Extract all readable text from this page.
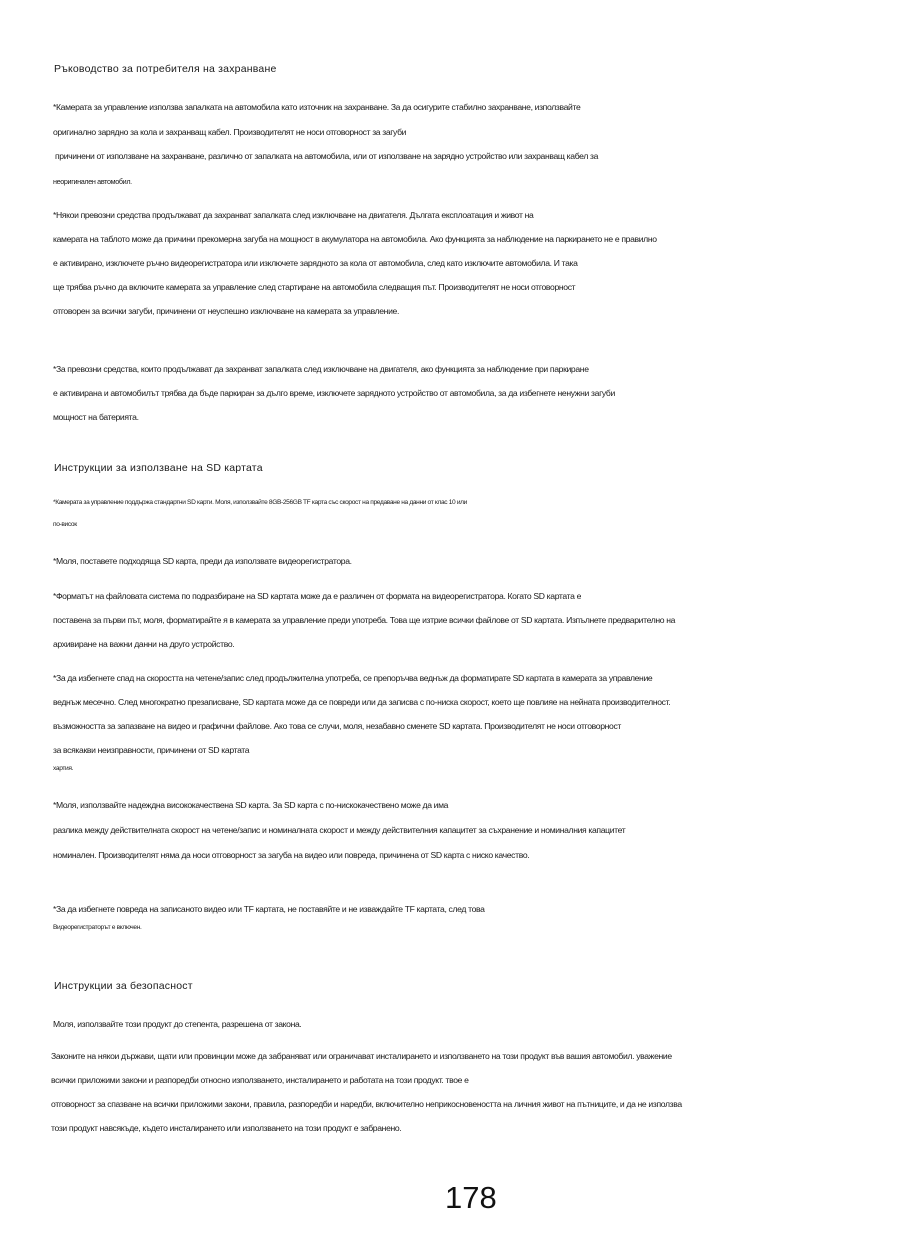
Ръководство за потребителя на захранване
*Камерата за управление използва запалката на автомобила като източник на захранване. За да осигурите стабилно захранване, използвайте
оригинално зарядно за кола и захранващ кабел. Производителят не носи отговорност за загуби
причинени от използване на захранване, различно от запалката на автомобила, или от използване на зарядно устройство или захранващ кабел за
неоригинален автомобил.
*Някои превозни средства продължават да захранват запалката след изключване на двигателя. Дългата експлоатация и живот на
камерата на таблото може да причини прекомерна загуба на мощност в акумулатора на автомобила. Ако функцията за наблюдение на паркирането не е правилно
е активирано, изключете ръчно видеорегистратора или изключете зарядното за кола от автомобила, след като изключите автомобила. И така
ще трябва ръчно да включите камерата за управление след стартиране на автомобила следващия път. Производителят не носи отговорност
отговорен за всички загуби, причинени от неуспешно изключване на камерата за управление.
*За превозни средства, които продължават да захранват запалката след изключване на двигателя, ако функцията за наблюдение при паркиране
е активирана и автомобилът трябва да бъде паркиран за дълго време, изключете зарядното устройство от автомобила, за да избегнете ненужни загуби
мощност на батерията.
Инструкции за използване на SD картата
*Камерата за управление поддържа стандартни SD карти. Моля, използвайте 8GB-256GB TF карта със скорост на предаване на данни от клас 10 или
по-висок
*Моля, поставете подходяща SD карта, преди да използвате видеорегистратора.
*Форматът на файловата система по подразбиране на SD картата може да е различен от формата на видеорегистратора. Когато SD картата е
поставена за първи път, моля, форматирайте я в камерата за управление преди употреба. Това ще изтрие всички файлове от SD картата. Изпълнете предварително на
архивиране на важни данни на друго устройство.
*За да избегнете спад на скоростта на четене/запис след продължителна употреба, се препоръчва веднъж да форматирате SD картата в камерата за управление
веднъж месечно. След многократно презаписване, SD картата може да се повреди или да записва с по-ниска скорост, което ще повлияе на нейната производителност.
възможността за запазване на видео и графични файлове. Ако това се случи, моля, незабавно сменете SD картата. Производителят не носи отговорност
за всякакви неизправности, причинени от SD картата
хартия.
*Моля, използвайте надеждна висококачествена SD карта. За SD карта с по-нискокачествено може да има
разлика между действителната скорост на четене/запис и номиналната скорост и между действителния капацитет за съхранение и номиналния капацитет
номинален. Производителят няма да носи отговорност за загуба на видео или повреда, причинена от SD карта с ниско качество.
*За да избегнете повреда на записаното видео или TF картата, не поставяйте и не изваждайте TF картата, след това
Видеорегистраторът е включен.
Инструкции за безопасност
Моля, използвайте този продукт до степента, разрешена от закона.
Законите на някои държави, щати или провинции може да забраняват или ограничават инсталирането и използването на този продукт във вашия автомобил. уважение
всички приложими закони и разпоредби относно използването, инсталирането и работата на този продукт. твое е
отговорност за спазване на всички приложими закони, правила, разпоредби и наредби, включително неприкосновеността на личния живот на пътниците, и да не използва
този продукт навсякъде, където инсталирането или използването на този продукт е забранено.
178
